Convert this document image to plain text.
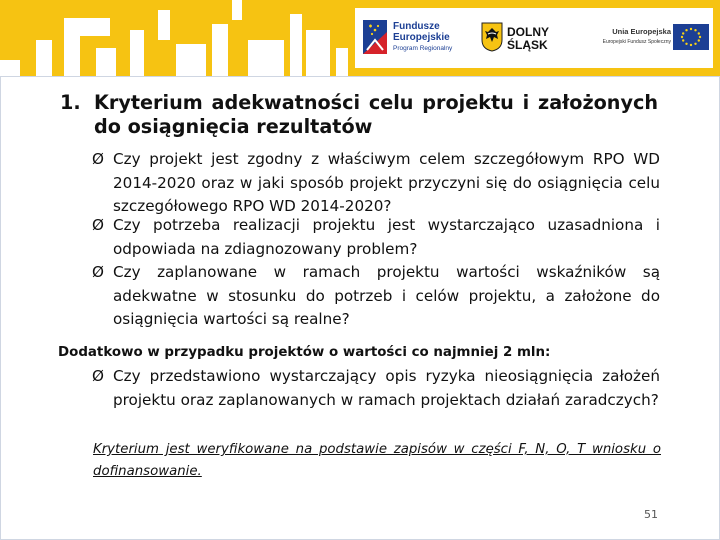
Fundusze
Europejskie
Program Regionalny
DOLNY
ŚLĄSK
Unia Europejska
Europejski Fundusz Społeczny
1. Kryterium adekwatności celu projektu i założonych do osiągnięcia rezultatów
Ø Czy projekt jest zgodny z właściwym celem szczegółowym RPO WD 2014-2020 oraz w jaki sposób projekt przyczyni się do osiągnięcia celu szczegółowego RPO WD 2014-2020?
Ø Czy potrzeba realizacji projektu jest wystarczająco uzasadniona i odpowiada na zdiagnozowany problem?
Ø Czy zaplanowane w ramach projektu wartości wskaźników są adekwatne w stosunku do potrzeb i celów projektu, a założone do osiągnięcia wartości są realne?
Dodatkowo w przypadku projektów o wartości co najmniej 2 mln:
Ø Czy przedstawiono wystarczający opis ryzyka nieosiągnięcia założeń projektu oraz zaplanowanych w ramach projektach działań zaradczych?
Kryterium jest weryfikowane na podstawie zapisów w części F, N, O, T wniosku o dofinansowanie.
51
